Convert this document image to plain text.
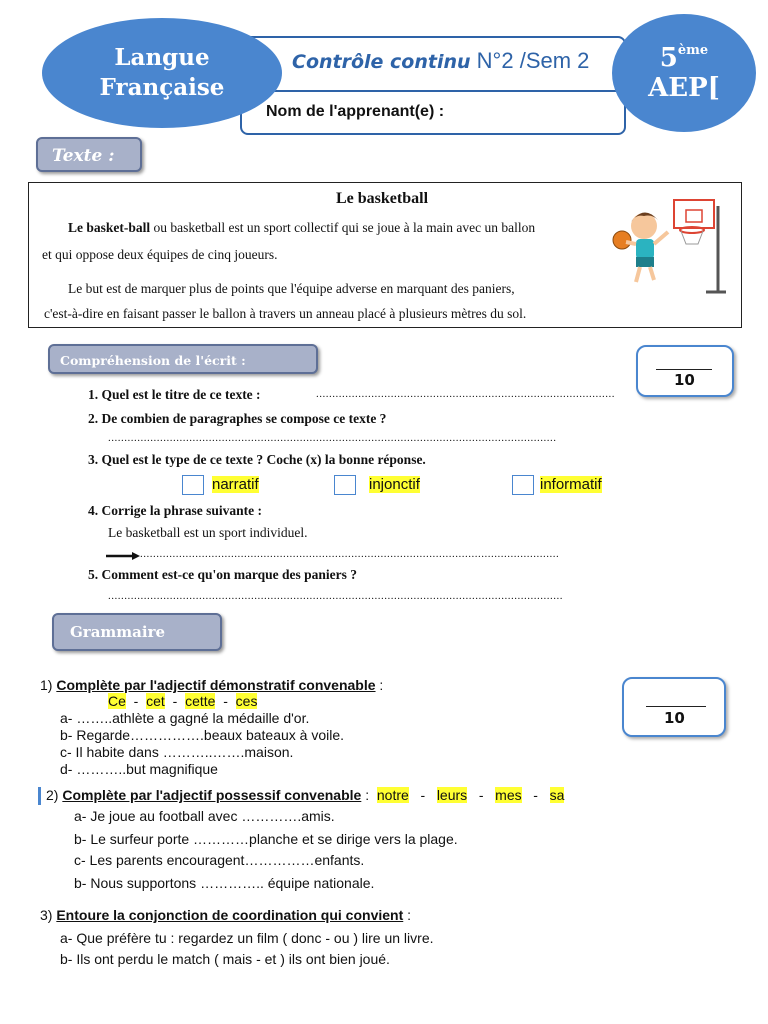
Contrôle continu N°2 /Sem 2
Nom de l'apprenant(e) :
Langue
Française
5ème
AEP[
Texte :
Le basketball
Le basket-ball ou basketball est un sport collectif qui se joue à la main avec un ballon
et qui oppose deux équipes de cinq joueurs.
Le but est de marquer plus de points que l'équipe adverse en marquant des paniers,
c'est-à-dire en faisant passer le ballon à travers un anneau placé à plusieurs mètres du sol.
Compréhension de l'écrit :
10
1. Quel est le titre de ce texte :	............................................................................................
2. De combien de paragraphes se compose ce texte ?
..........................................................................................................................................
3. Quel est le type de ce texte ? Coche (x) la bonne réponse.
narratif	injonctif	informatif
4. Corrige la phrase suivante :
Le basketball est un sport individuel.
.................................................................................................................................
5. Comment est-ce qu'on marque des paniers ?
............................................................................................................................................
Grammaire
10
1) Complète par l'adjectif démonstratif convenable :
Ce  -  cet  -  cette  -  ces
a- ……..athlète a gagné la médaille d'or.
b- Regarde…………….beaux bateaux à voile.
c- Il habite dans ………..…….maison.
d- ………..but magnifique
2) Complète par l'adjectif possessif convenable :  notre   -   leurs   -   mes   -   sa
a- Je joue au football avec ………….amis.
b- Le surfeur porte …………planche et se dirige vers la plage.
c- Les parents encouragent……………enfants.
b- Nous supportons ………….. équipe nationale.
3) Entoure la conjonction de coordination qui convient :
a- Que préfère tu : regardez un film ( donc - ou ) lire un livre.
b- Ils ont perdu le match ( mais - et ) ils ont bien joué.
